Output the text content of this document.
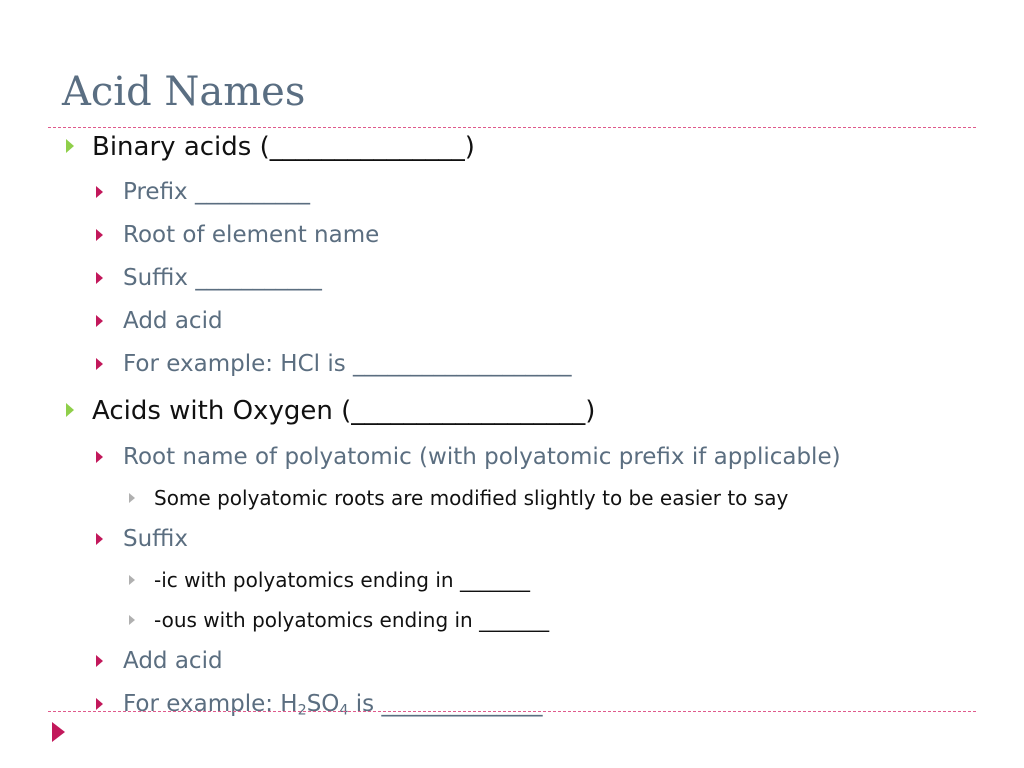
Acid Names
Binary acids (_______________)
Prefix __________
Root of element name
Suffix ___________
Add acid
For example: HCl is ___________________
Acids with Oxygen (__________________)
Root name of polyatomic (with polyatomic prefix if applicable)
Some polyatomic roots are modified slightly to be easier to say
Suffix
-ic with polyatomics ending in _______
-ous with polyatomics ending in _______
Add acid
For example: $H_2SO_4$ is ______________
